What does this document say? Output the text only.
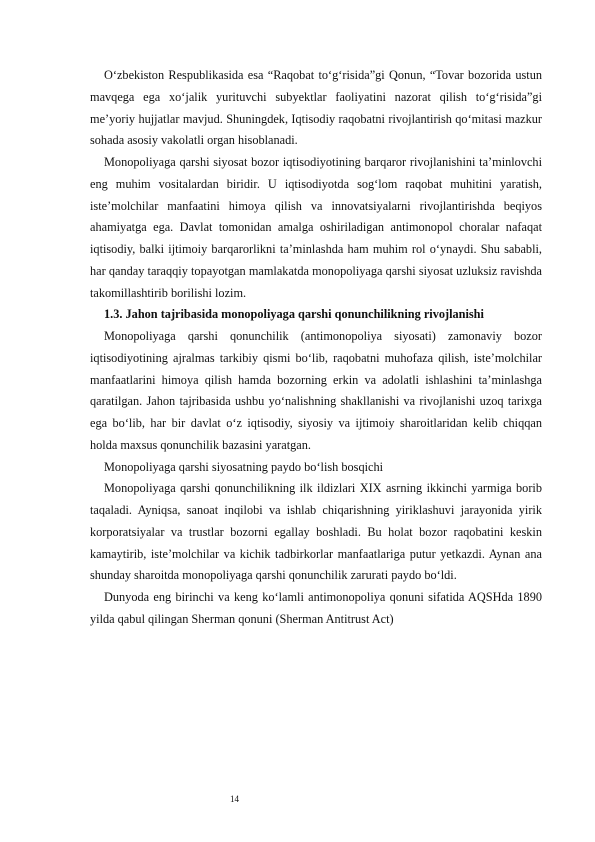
O‘zbekiston Respublikasida esa “Raqobat to‘g‘risida”gi Qonun, “Tovar bozorida ustun mavqega ega xo‘jalik yurituvchi subyektlar faoliyatini nazorat qilish to‘g‘risida”gi me’yoriy hujjatlar mavjud. Shuningdek, Iqtisodiy raqobatni rivojlantirish qo‘mitasi mazkur sohada asosiy vakolatli organ hisoblanadi.

Monopoliyaga qarshi siyosat bozor iqtisodiyotining barqaror rivojlanishini ta’minlovchi eng muhim vositalardan biridir. U iqtisodiyotda sog‘lom raqobat muhitini yaratish, iste’molchilar manfaatini himoya qilish va innovatsiyalarni rivojlantirishda beqiyos ahamiyatga ega. Davlat tomonidan amalga oshiriladigan antimonopol choralar nafaqat iqtisodiy, balki ijtimoiy barqarorlikni ta’minlashda ham muhim rol o‘ynaydi. Shu sababli, har qanday taraqqiy topayotgan mamlakatda monopoliyaga qarshi siyosat uzluksiz ravishda takomillashtirib borilishi lozim.

1.3. Jahon tajribasida monopoliyaga qarshi qonunchilikning rivojlanishi

Monopoliyaga qarshi qonunchilik (antimonopoliya siyosati) zamonaviy bozor iqtisodiyotining ajralmas tarkibiy qismi bo‘lib, raqobatni muhofaza qilish, iste’molchilar manfaatlarini himoya qilish hamda bozorning erkin va adolatli ishlashini ta’minlashga qaratilgan. Jahon tajribasida ushbu yo‘nalishning shakllanishi va rivojlanishi uzoq tarixga ega bo‘lib, har bir davlat o‘z iqtisodiy, siyosiy va ijtimoiy sharoitlaridan kelib chiqqan holda maxsus qonunchilik bazasini yaratgan.

Monopoliyaga qarshi siyosatning paydo bo‘lish bosqichi

Monopoliyaga qarshi qonunchilikning ilk ildizlari XIX asrning ikkinchi yarmiga borib taqaladi. Ayniqsa, sanoat inqilobi va ishlab chiqarishning yiriklashuvi jarayonida yirik korporatsiyalar va trustlar bozorni egallay boshladi. Bu holat bozor raqobatini keskin kamaytirib, iste’molchilar va kichik tadbirkorlar manfaatlariga putur yetkazdi. Aynan ana shunday sharoitda monopoliyaga qarshi qonunchilik zarurati paydo bo‘ldi.

Dunyoda eng birinchi va keng ko‘lamli antimonopoliya qonuni sifatida AQSHda 1890 yilda qabul qilingan Sherman qonuni (Sherman Antitrust Act)

14
